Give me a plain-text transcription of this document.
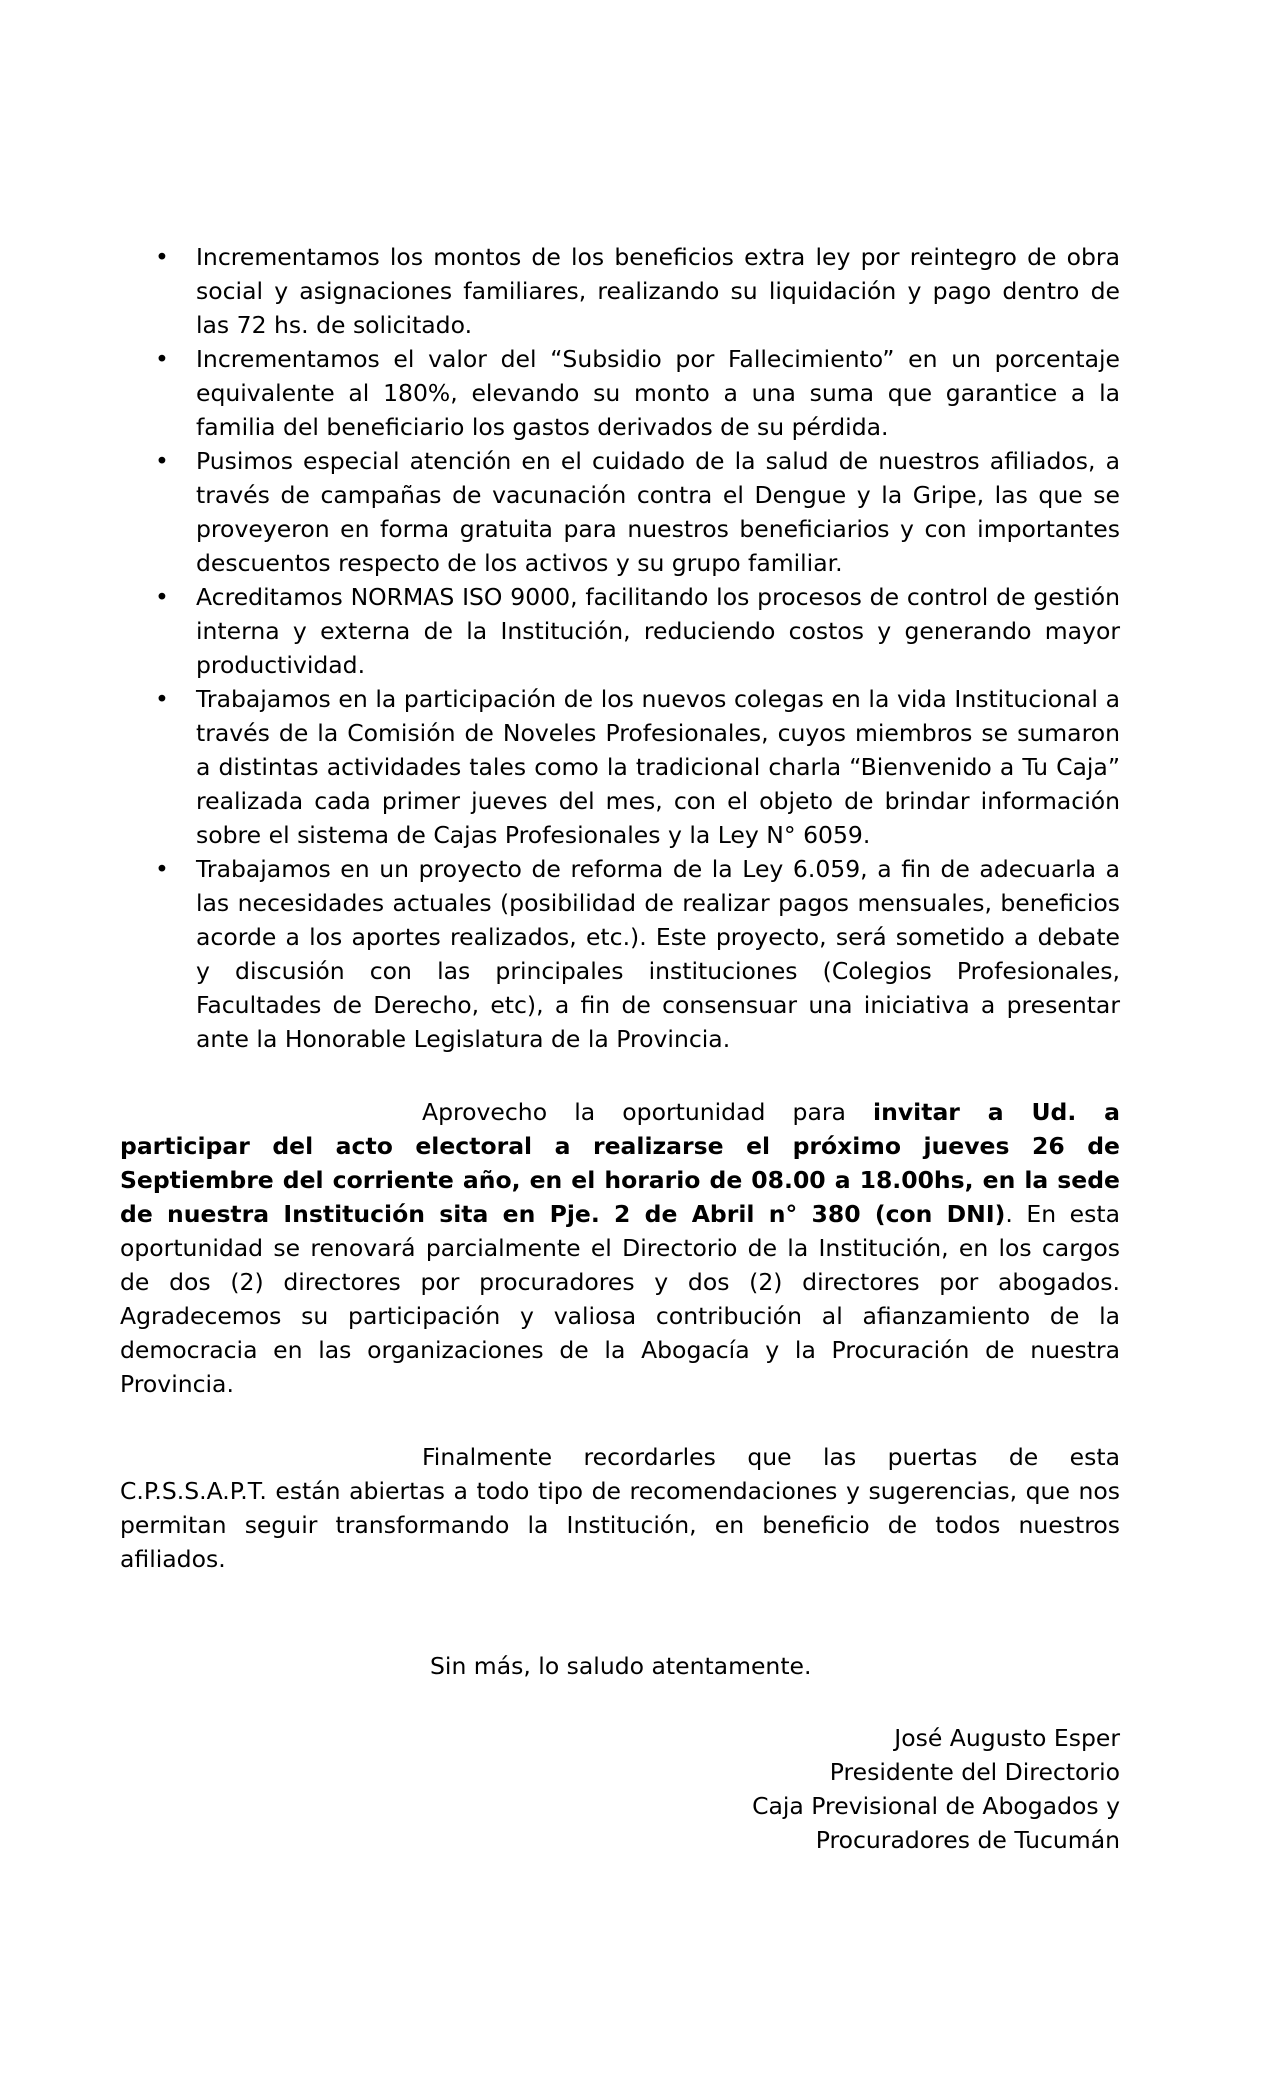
• Incrementamos los montos de los beneficios extra ley por reintegro de obra social y asignaciones familiares, realizando su liquidación y pago dentro de las 72 hs. de solicitado.
• Incrementamos el valor del “Subsidio por Fallecimiento” en un porcentaje equivalente al 180%, elevando su monto a una suma que garantice a la familia del beneficiario los gastos derivados de su pérdida.
• Pusimos especial atención en el cuidado de la salud de nuestros afiliados, a través de campañas de vacunación contra el Dengue y la Gripe, las que se proveyeron en forma gratuita para nuestros beneficiarios y con importantes descuentos respecto de los activos y su grupo familiar.
• Acreditamos NORMAS ISO 9000, facilitando los procesos de control de gestión interna y externa de la Institución, reduciendo costos y generando mayor productividad.
• Trabajamos en la participación de los nuevos colegas en la vida Institucional a través de la Comisión de Noveles Profesionales, cuyos miembros se sumaron a distintas actividades tales como la tradicional charla “Bienvenido a Tu Caja” realizada cada primer jueves del mes, con el objeto de brindar información sobre el sistema de Cajas Profesionales y la Ley N° 6059.
• Trabajamos en un proyecto de reforma de la Ley 6.059, a fin de adecuarla a las necesidades actuales (posibilidad de realizar pagos mensuales, beneficios acorde a los aportes realizados, etc.). Este proyecto, será sometido a debate y discusión con las principales instituciones (Colegios Profesionales, Facultades de Derecho, etc), a fin de consensuar una iniciativa a presentar ante la Honorable Legislatura de la Provincia.

Aprovecho la oportunidad para invitar a Ud. a participar del acto electoral a realizarse el próximo jueves 26 de Septiembre del corriente año, en el horario de 08.00 a 18.00hs, en la sede de nuestra Institución sita en Pje. 2 de Abril n° 380 (con DNI). En esta oportunidad se renovará parcialmente el Directorio de la Institución, en los cargos de dos (2) directores por procuradores y dos (2) directores por abogados. Agradecemos su participación y valiosa contribución al afianzamiento de la democracia en las organizaciones de la Abogacía y la Procuración de nuestra Provincia.

Finalmente recordarles que las puertas de esta C.P.S.S.A.P.T. están abiertas a todo tipo de recomendaciones y sugerencias, que nos permitan seguir transformando la Institución, en beneficio de todos nuestros afiliados.

Sin más, lo saludo atentamente.
José Augusto Esper
Presidente del Directorio
Caja Previsional de Abogados y
Procuradores de Tucumán
